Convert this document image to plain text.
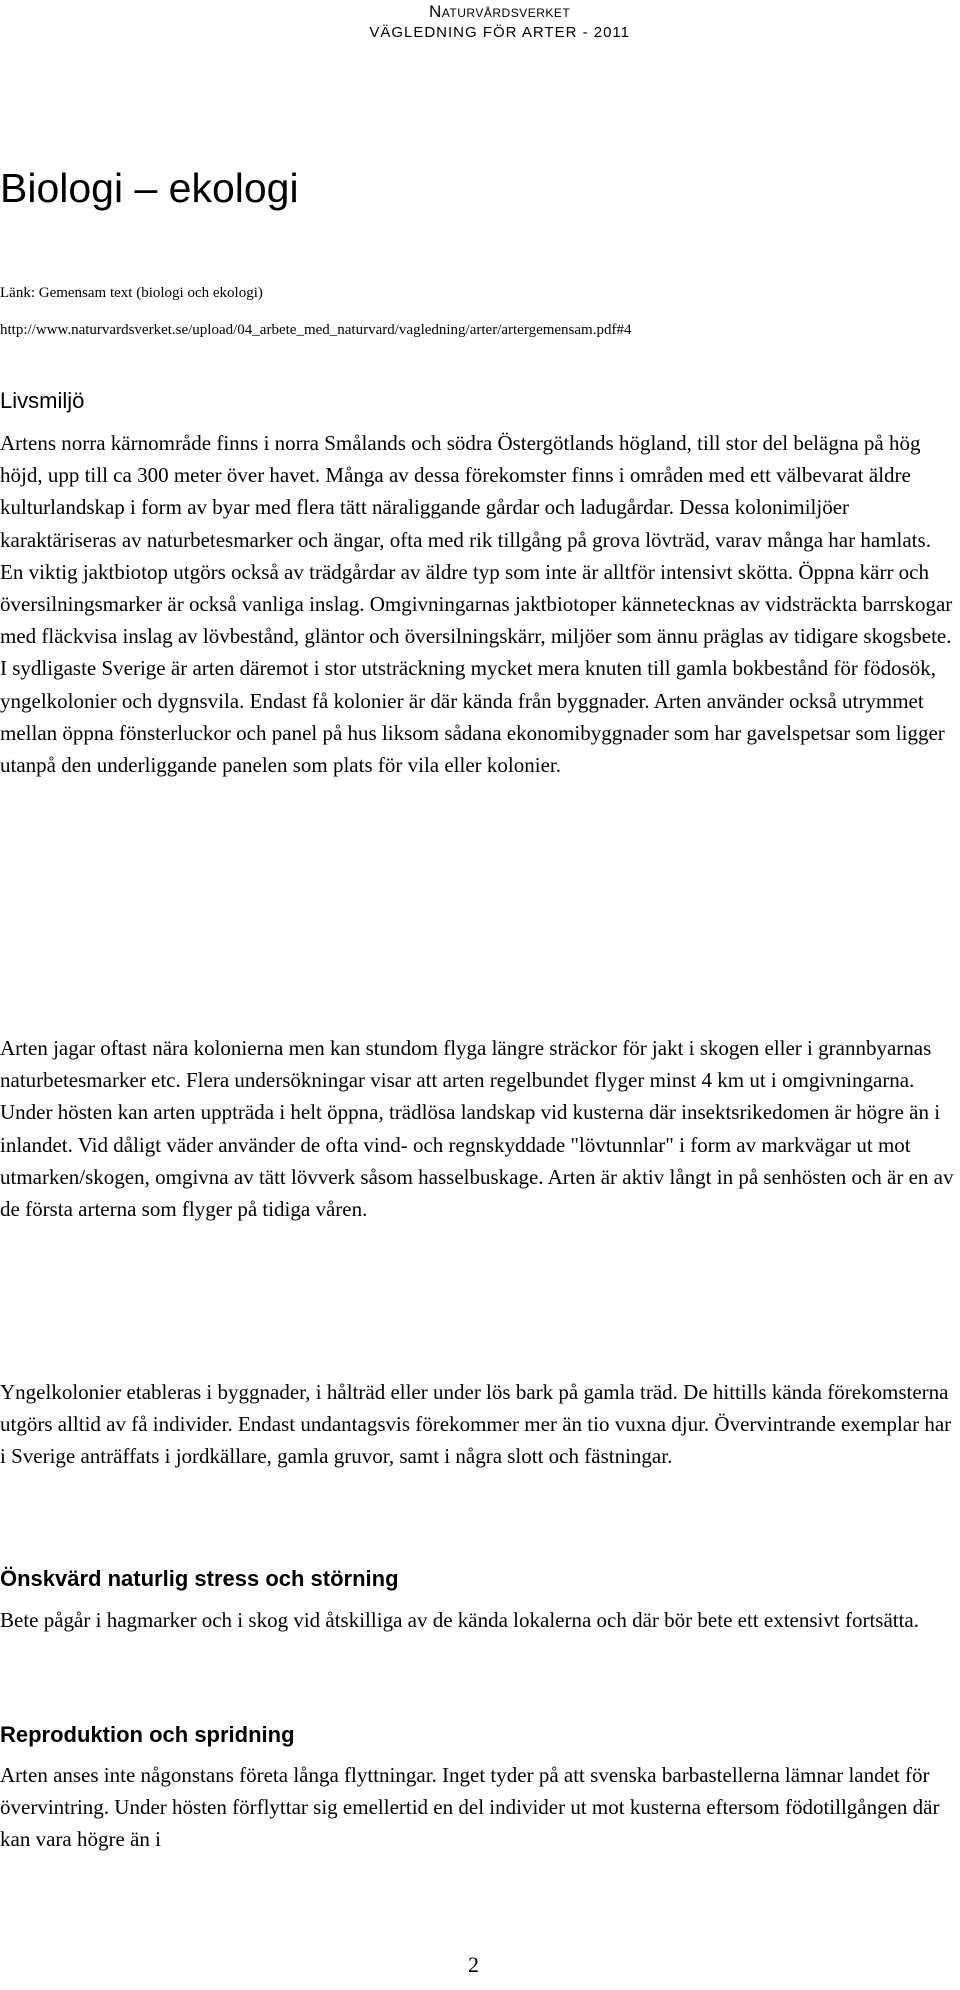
Naturvårdsverket
VÄGLEDNING FÖR ARTER - 2011
Biologi – ekologi

Länk: Gemensam text (biologi och ekologi)

http://www.naturvardsverket.se/upload/04_arbete_med_naturvard/vagledning/arter/artergemensam.pdf#4

Livsmiljö

Artens norra kärnområde finns i norra Smålands och södra Östergötlands högland, till stor del belägna på hög höjd, upp till ca 300 meter över havet. Många av dessa förekomster finns i områden med ett välbevarat äldre kulturlandskap i form av byar med flera tätt näraliggande gårdar och ladugårdar. Dessa kolonimiljöer karaktäriseras av naturbetesmarker och ängar, ofta med rik tillgång på grova lövträd, varav många har hamlats. En viktig jaktbiotop utgörs också av trädgårdar av äldre typ som inte är alltför intensivt skötta. Öppna kärr och översilningsmarker är också vanliga inslag. Omgivningarnas jaktbiotoper kännetecknas av vidsträckta barrskogar med fläckvisa inslag av lövbestånd, gläntor och översilningskärr, miljöer som ännu präglas av tidigare skogsbete. I sydligaste Sverige är arten däremot i stor utsträckning mycket mera knuten till gamla bokbestånd för födosök, yngelkolonier och dygnsvila. Endast få kolonier är där kända från byggnader. Arten använder också utrymmet mellan öppna fönsterluckor och panel på hus liksom sådana ekonomibyggnader som har gavelspetsar som ligger utanpå den underliggande panelen som plats för vila eller kolonier.

Arten jagar oftast nära kolonierna men kan stundom flyga längre sträckor för jakt i skogen eller i grannbyarnas naturbetesmarker etc. Flera undersökningar visar att arten regelbundet flyger minst 4 km ut i omgivningarna. Under hösten kan arten uppträda i helt öppna, trädlösa landskap vid kusterna där insektsrikedomen är högre än i inlandet. Vid dåligt väder använder de ofta vind- och regnskyddade "lövtunnlar" i form av markvägar ut mot utmarken/skogen, omgivna av tätt lövverk såsom hasselbuskage. Arten är aktiv långt in på senhösten och är en av de första arterna som flyger på tidiga våren.

Yngelkolonier etableras i byggnader, i hålträd eller under lös bark på gamla träd. De hittills kända förekomsterna utgörs alltid av få individer. Endast undantagsvis förekommer mer än tio vuxna djur. Övervintrande exemplar har i Sverige anträffats i jordkällare, gamla gruvor, samt i några slott och fästningar.

Önskvärd naturlig stress och störning

Bete pågår i hagmarker och i skog vid åtskilliga av de kända lokalerna och där bör bete ett extensivt fortsätta.

Reproduktion och spridning

Arten anses inte någonstans företa långa flyttningar. Inget tyder på att svenska barbastellerna lämnar landet för övervintring. Under hösten förflyttar sig emellertid en del individer ut mot kusterna eftersom födotillgången där kan vara högre än i

2
